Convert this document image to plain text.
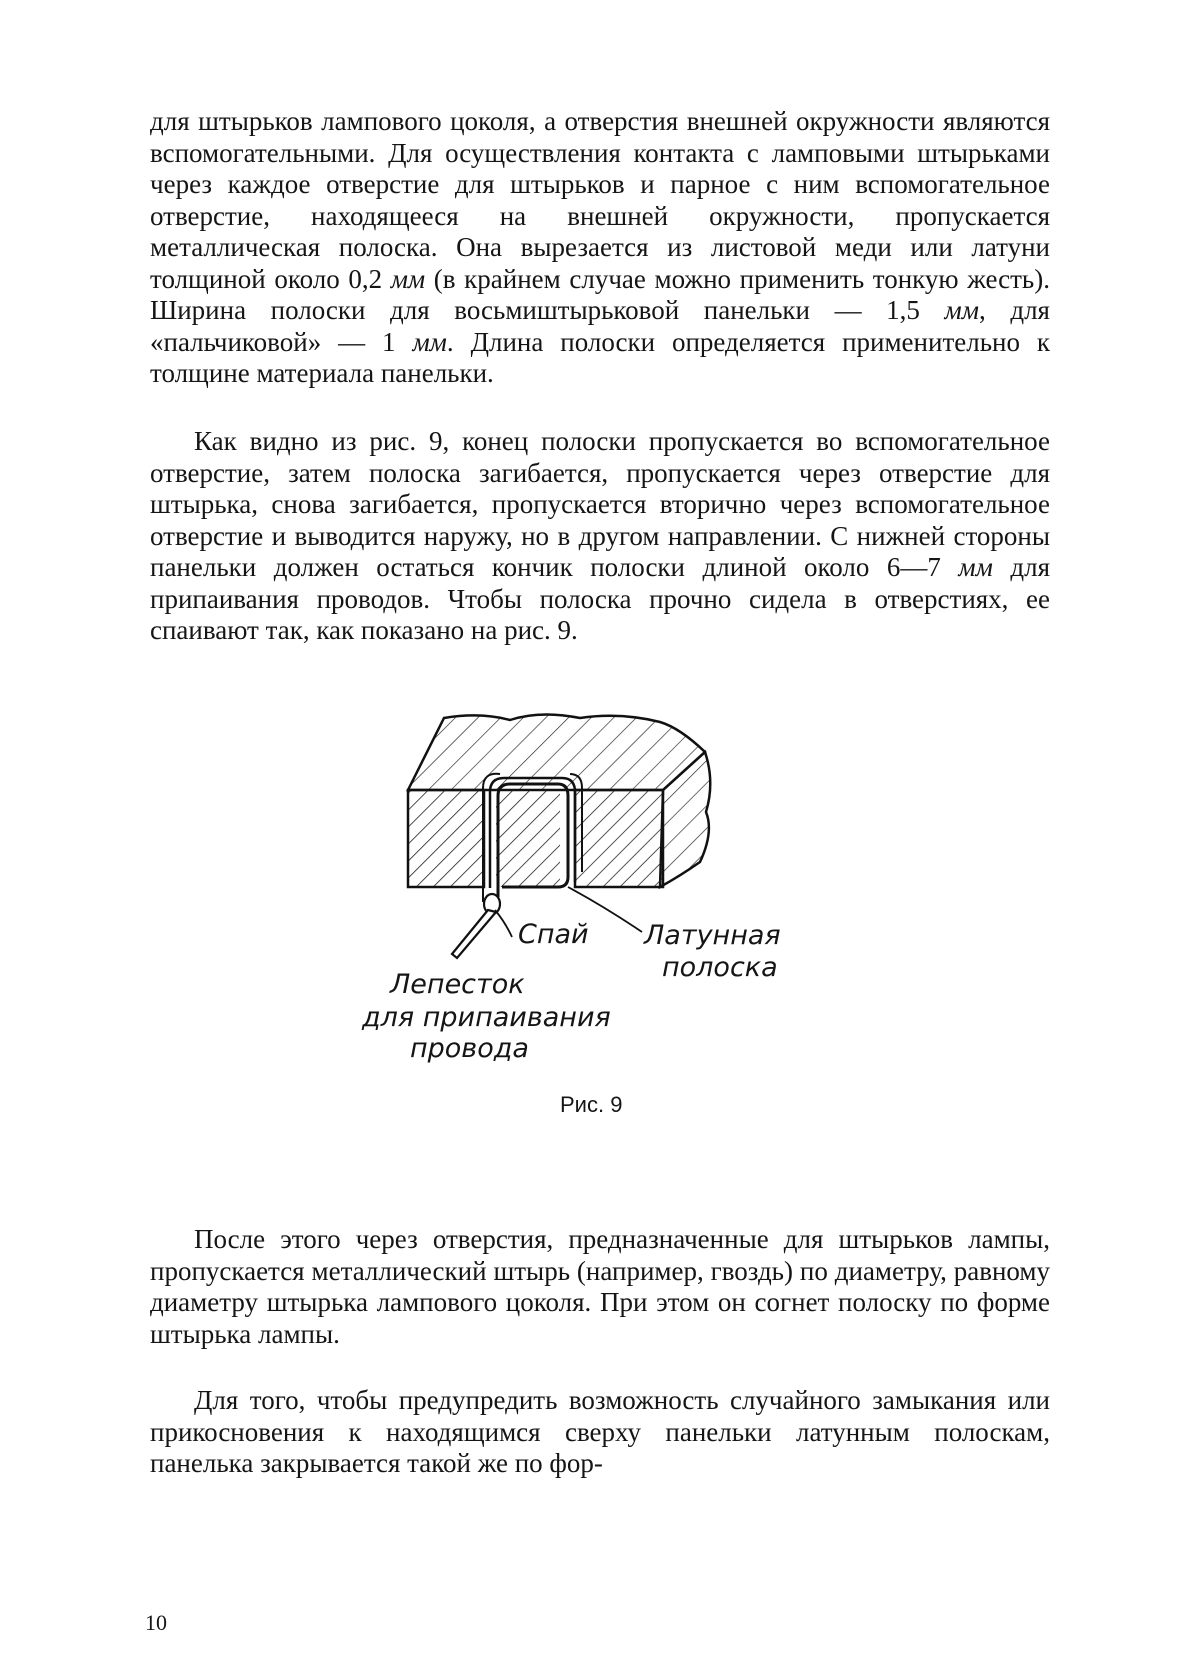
для штырьков лампового цоколя, а отверстия внешней окружности являются вспомогательными. Для осуществления контакта с ламповыми штырьками через каждое отверстие для штырьков и парное с ним вспомогательное отверстие, находящееся на внешней окружности, пропускается металлическая полоска. Она вырезается из листовой меди или латуни толщиной около 0,2 мм (в крайнем случае можно применить тонкую жесть). Ширина полоски для восьмиштырьковой панельки — 1,5 мм, для «пальчиковой» — 1 мм. Длина полоски определяется применительно к толщине материала панельки.

Как видно из рис. 9, конец полоски пропускается во вспомогательное отверстие, затем полоска загибается, пропускается через отверстие для штырька, снова загибается, пропускается вторично через вспомогательное отверстие и выводится наружу, но в другом направлении. С нижней стороны панельки должен остаться кончик полоски длиной около 6—7 мм для припаивания проводов. Чтобы полоска прочно сидела в отверстиях, ее спаивают так, как показано на рис. 9.

Спай Латунная
полоска
Лепесток
для припаивания
провода
Рис. 9

После этого через отверстия, предназначенные для штырьков лампы, пропускается металлический штырь (например, гвоздь) по диаметру, равному диаметру штырька лампового цоколя. При этом он согнет полоску по форме штырька лампы.

Для того, чтобы предупредить возможность случайного замыкания или прикосновения к находящимся сверху панельки латунным полоскам, панелька закрывается такой же по фор-

10
